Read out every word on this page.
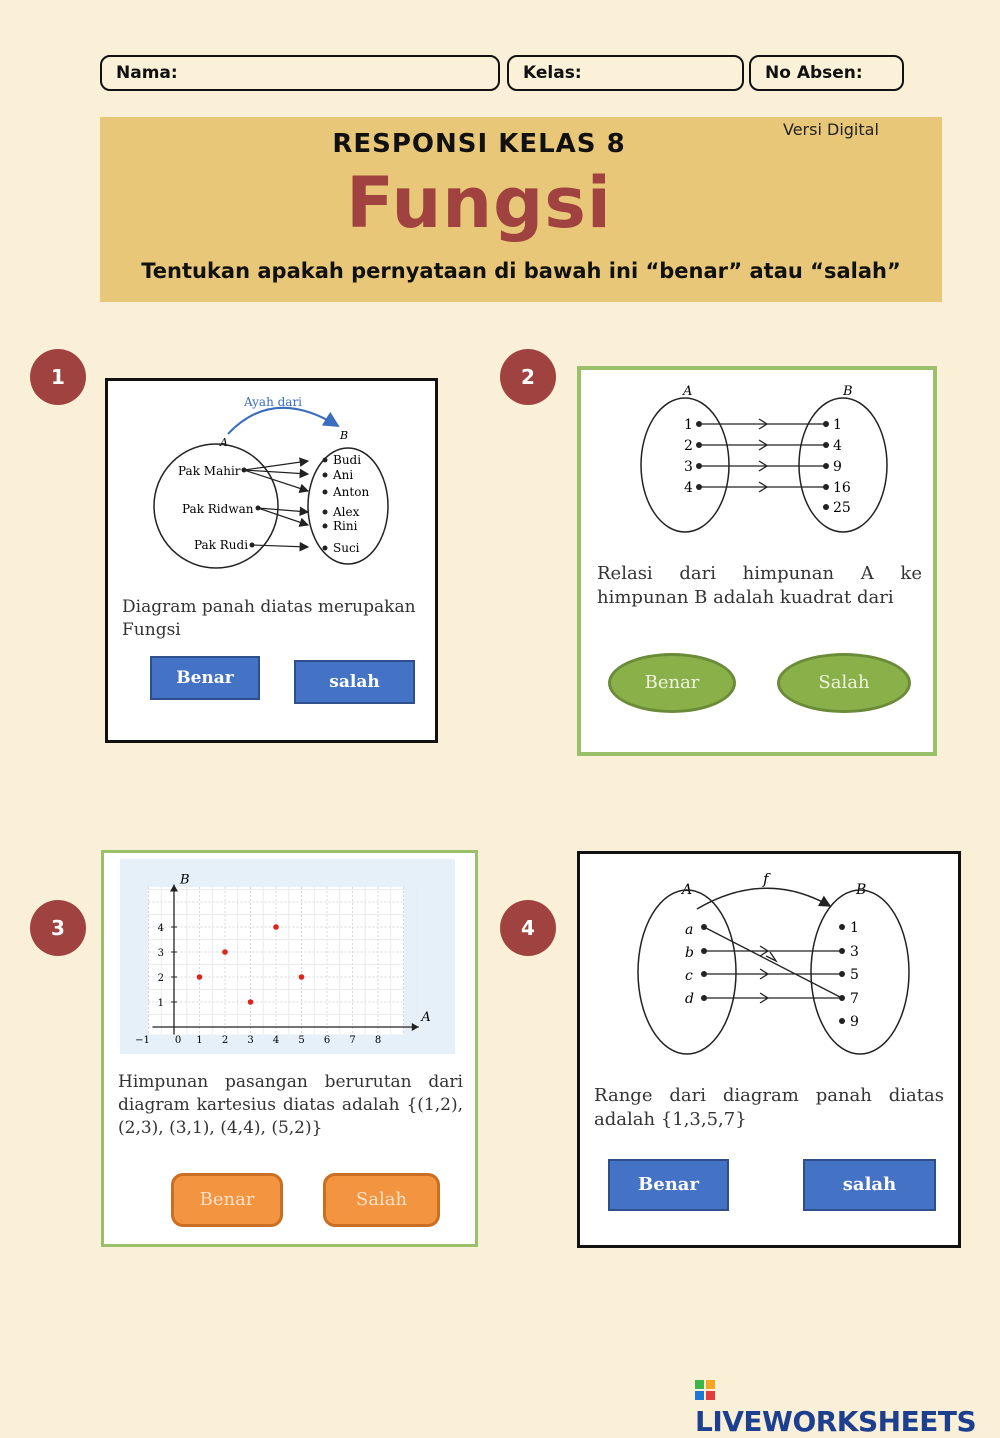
Nama:	Kelas:	No Absen:
RESPONSI KELAS 8	Versi Digital
Fungsi
Tentukan apakah pernyataan di bawah ini “benar” atau “salah”
1	2
3	4
Ayah dari
A
B
Pak Mahir
Pak Ridwan
Pak Rudi
Budi
Ani
Anton
Alex
Rini
Suci
Diagram panah diatas merupakan Fungsi
Benar	salah
A	B
1
2
3
4
1
4
9
16
25
Relasi dari himpunan A ke himpunan B adalah kuadrat dari
Benar	Salah
A
B
−1 0 1 2 3 4 5 6 7 8
1
2
3
4
Himpunan pasangan berurutan dari diagram kartesius diatas adalah {(1,2), (2,3), (3,1), (4,4), (5,2)}
Benar	Salah
A	B
f
a
b
c
d
1
3
5
7
9
Range dari diagram panah diatas adalah {1,3,5,7}
Benar	salah
LIVEWORKSHEETS
